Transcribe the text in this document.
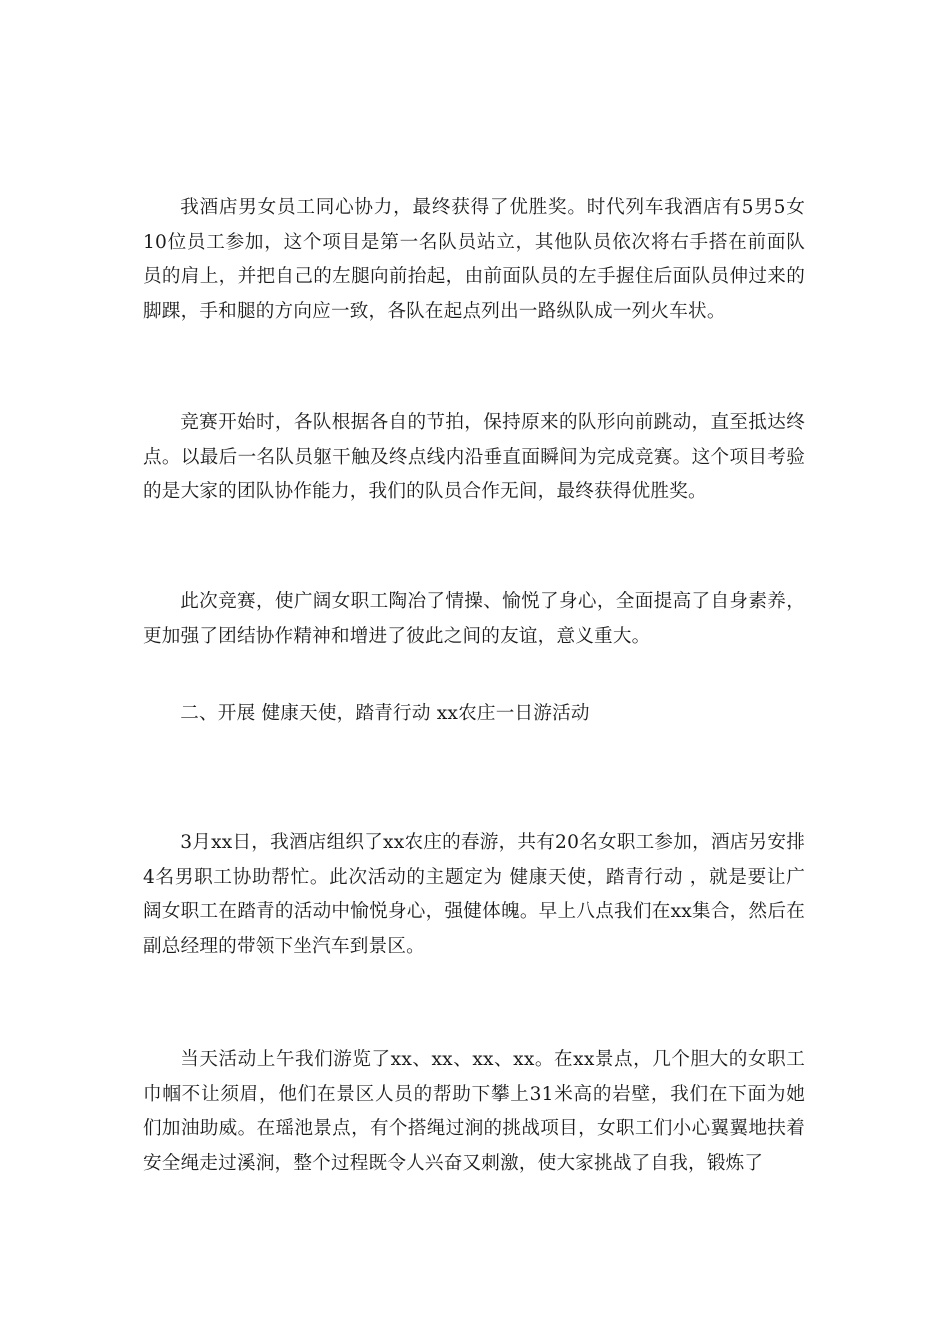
我酒店男女员工同心协力，最终获得了优胜奖。时代列车我酒店有5男5女10位员工参加，这个项目是第一名队员站立，其他队员依次将右手搭在前面队员的肩上，并把自己的左腿向前抬起，由前面队员的左手握住后面队员伸过来的脚踝，手和腿的方向应一致，各队在起点列出一路纵队成一列火车状。

竞赛开始时，各队根据各自的节拍，保持原来的队形向前跳动，直至抵达终点。以最后一名队员躯干触及终点线内沿垂直面瞬间为完成竞赛。这个项目考验的是大家的团队协作能力，我们的队员合作无间，最终获得优胜奖。

此次竞赛，使广阔女职工陶冶了情操、愉悦了身心，全面提高了自身素养，更加强了团结协作精神和增进了彼此之间的友谊，意义重大。

二、开展 健康天使，踏青行动 xx农庄一日游活动

3月xx日，我酒店组织了xx农庄的春游，共有20名女职工参加，酒店另安排4名男职工协助帮忙。此次活动的主题定为 健康天使，踏青行动 ，就是要让广阔女职工在踏青的活动中愉悦身心，强健体魄。早上八点我们在xx集合，然后在副总经理的带领下坐汽车到景区。

当天活动上午我们游览了xx、xx、xx、xx。在xx景点，几个胆大的女职工巾帼不让须眉，他们在景区人员的帮助下攀上31米高的岩壁，我们在下面为她们加油助威。在瑶池景点，有个搭绳过涧的挑战项目，女职工们小心翼翼地扶着安全绳走过溪涧，整个过程既令人兴奋又刺激，使大家挑战了自我，锻炼了
